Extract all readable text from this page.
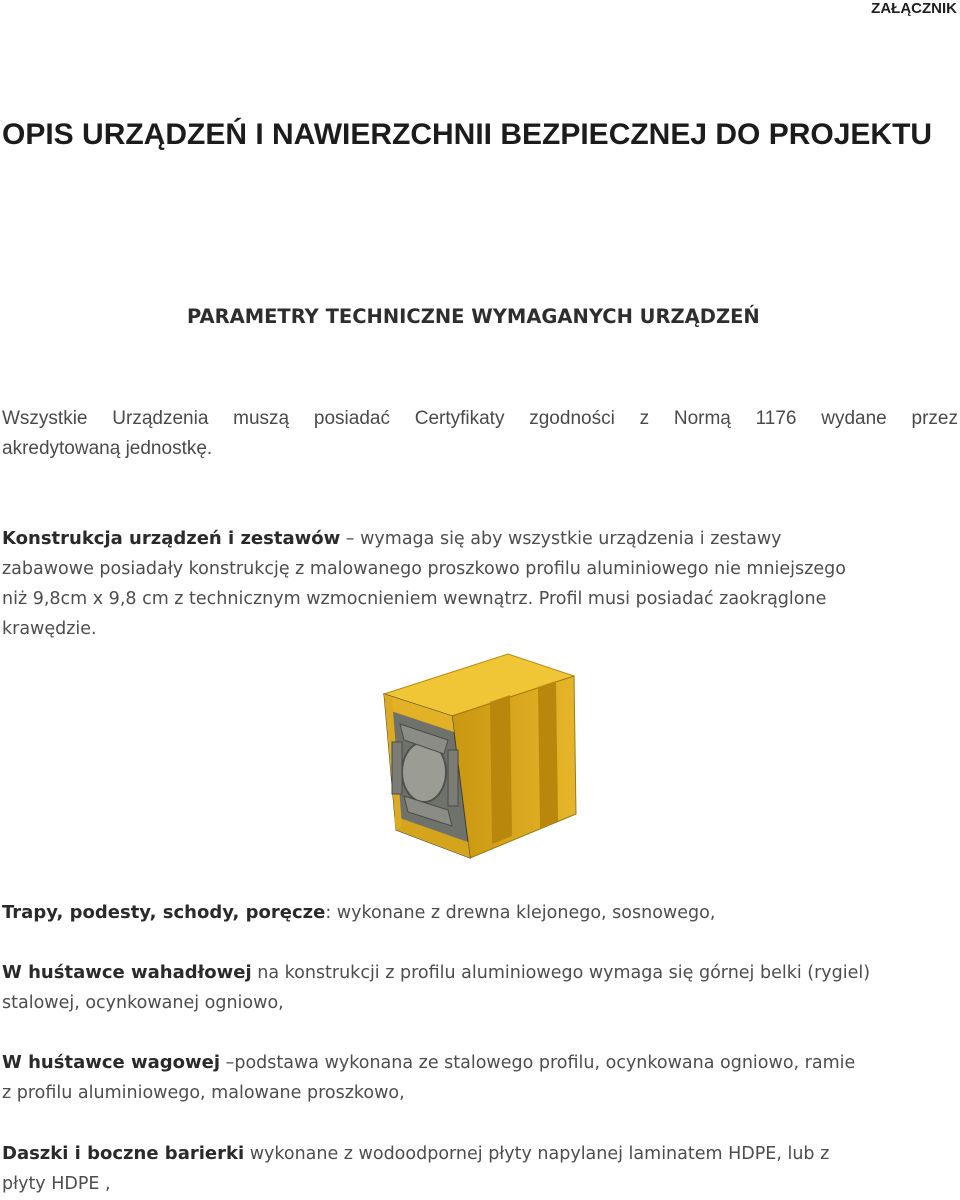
ZAŁĄCZNIK
OPIS URZĄDZEŃ I NAWIERZCHNII BEZPIECZNEJ DO PROJEKTU
PARAMETRY TECHNICZNE WYMAGANYCH URZĄDZEŃ
Wszystkie Urządzenia muszą posiadać Certyfikaty zgodności z Normą 1176 wydane przez
akredytowaną jednostkę.
Konstrukcja urządzeń i zestawów – wymaga się aby wszystkie urządzenia i zestawy
zabawowe posiadały konstrukcję z malowanego proszkowo profilu aluminiowego nie mniejszego
niż 9,8cm x 9,8 cm z technicznym wzmocnieniem wewnątrz. Profil musi posiadać zaokrąglone
krawędzie.
Trapy, podesty, schody, poręcze: wykonane z drewna klejonego, sosnowego,
W huśtawce wahadłowej na konstrukcji z profilu aluminiowego wymaga się górnej belki (rygiel)
stalowej, ocynkowanej ogniowo,
W huśtawce wagowej –podstawa wykonana ze stalowego profilu, ocynkowana ogniowo, ramie
z profilu aluminiowego, malowane proszkowo,
Daszki i boczne barierki wykonane z wodoodpornej płyty napylanej laminatem HDPE, lub z
płyty HDPE ,
